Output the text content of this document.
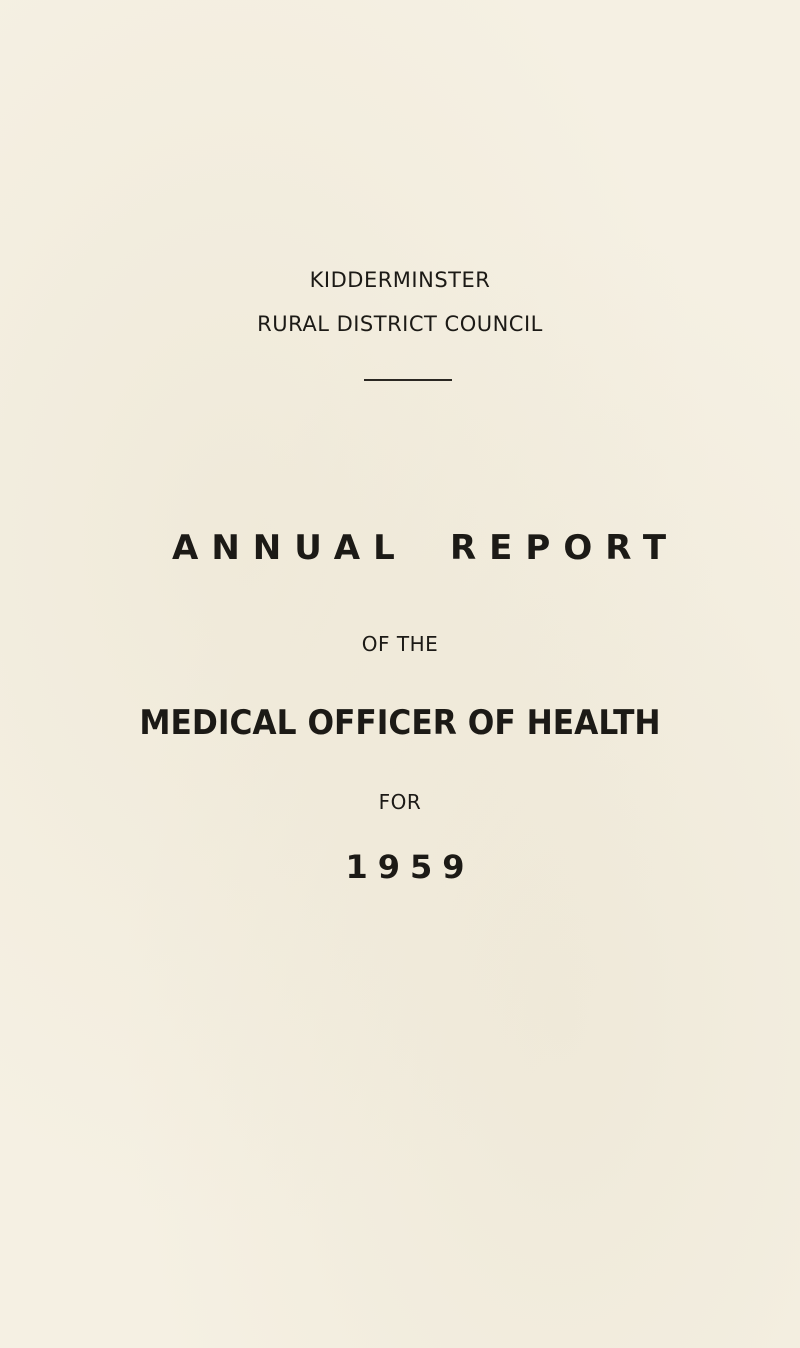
KIDDERMINSTER
RURAL DISTRICT COUNCIL
ANNUAL REPORT
OF THE
MEDICAL OFFICER OF HEALTH
FOR
1959
